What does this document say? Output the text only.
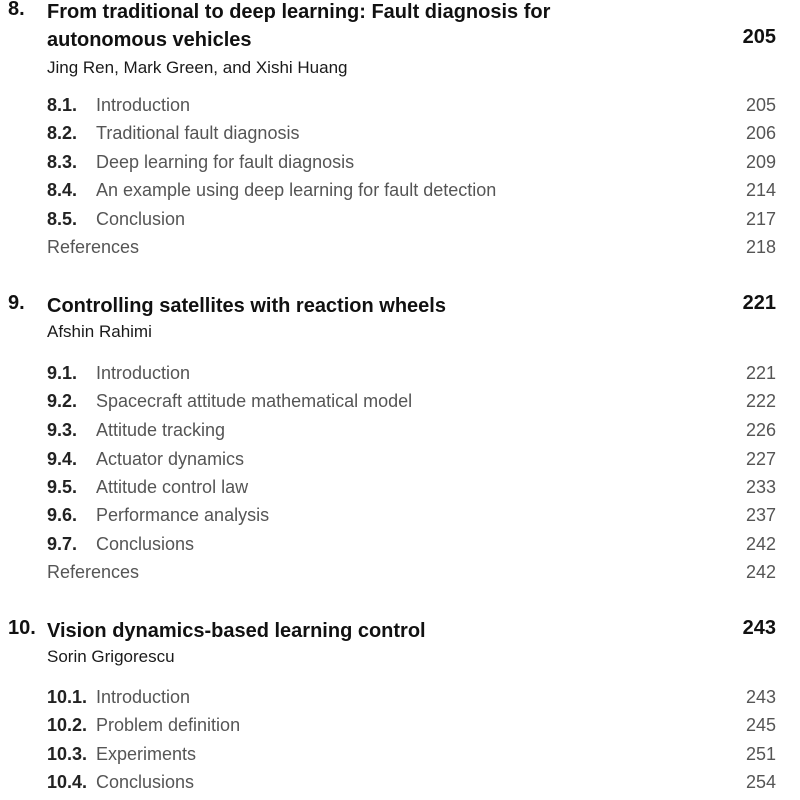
8. From traditional to deep learning: Fault diagnosis for
autonomous vehicles	205
Jing Ren, Mark Green, and Xishi Huang
8.1. Introduction	205
8.2. Traditional fault diagnosis	206
8.3. Deep learning for fault diagnosis	209
8.4. An example using deep learning for fault detection	214
8.5. Conclusion	217
References	218
9. Controlling satellites with reaction wheels	221
Afshin Rahimi
9.1. Introduction	221
9.2. Spacecraft attitude mathematical model	222
9.3. Attitude tracking	226
9.4. Actuator dynamics	227
9.5. Attitude control law	233
9.6. Performance analysis	237
9.7. Conclusions	242
References	242
10. Vision dynamics-based learning control	243
Sorin Grigorescu
10.1. Introduction	243
10.2. Problem definition	245
10.3. Experiments	251
10.4. Conclusions	254
